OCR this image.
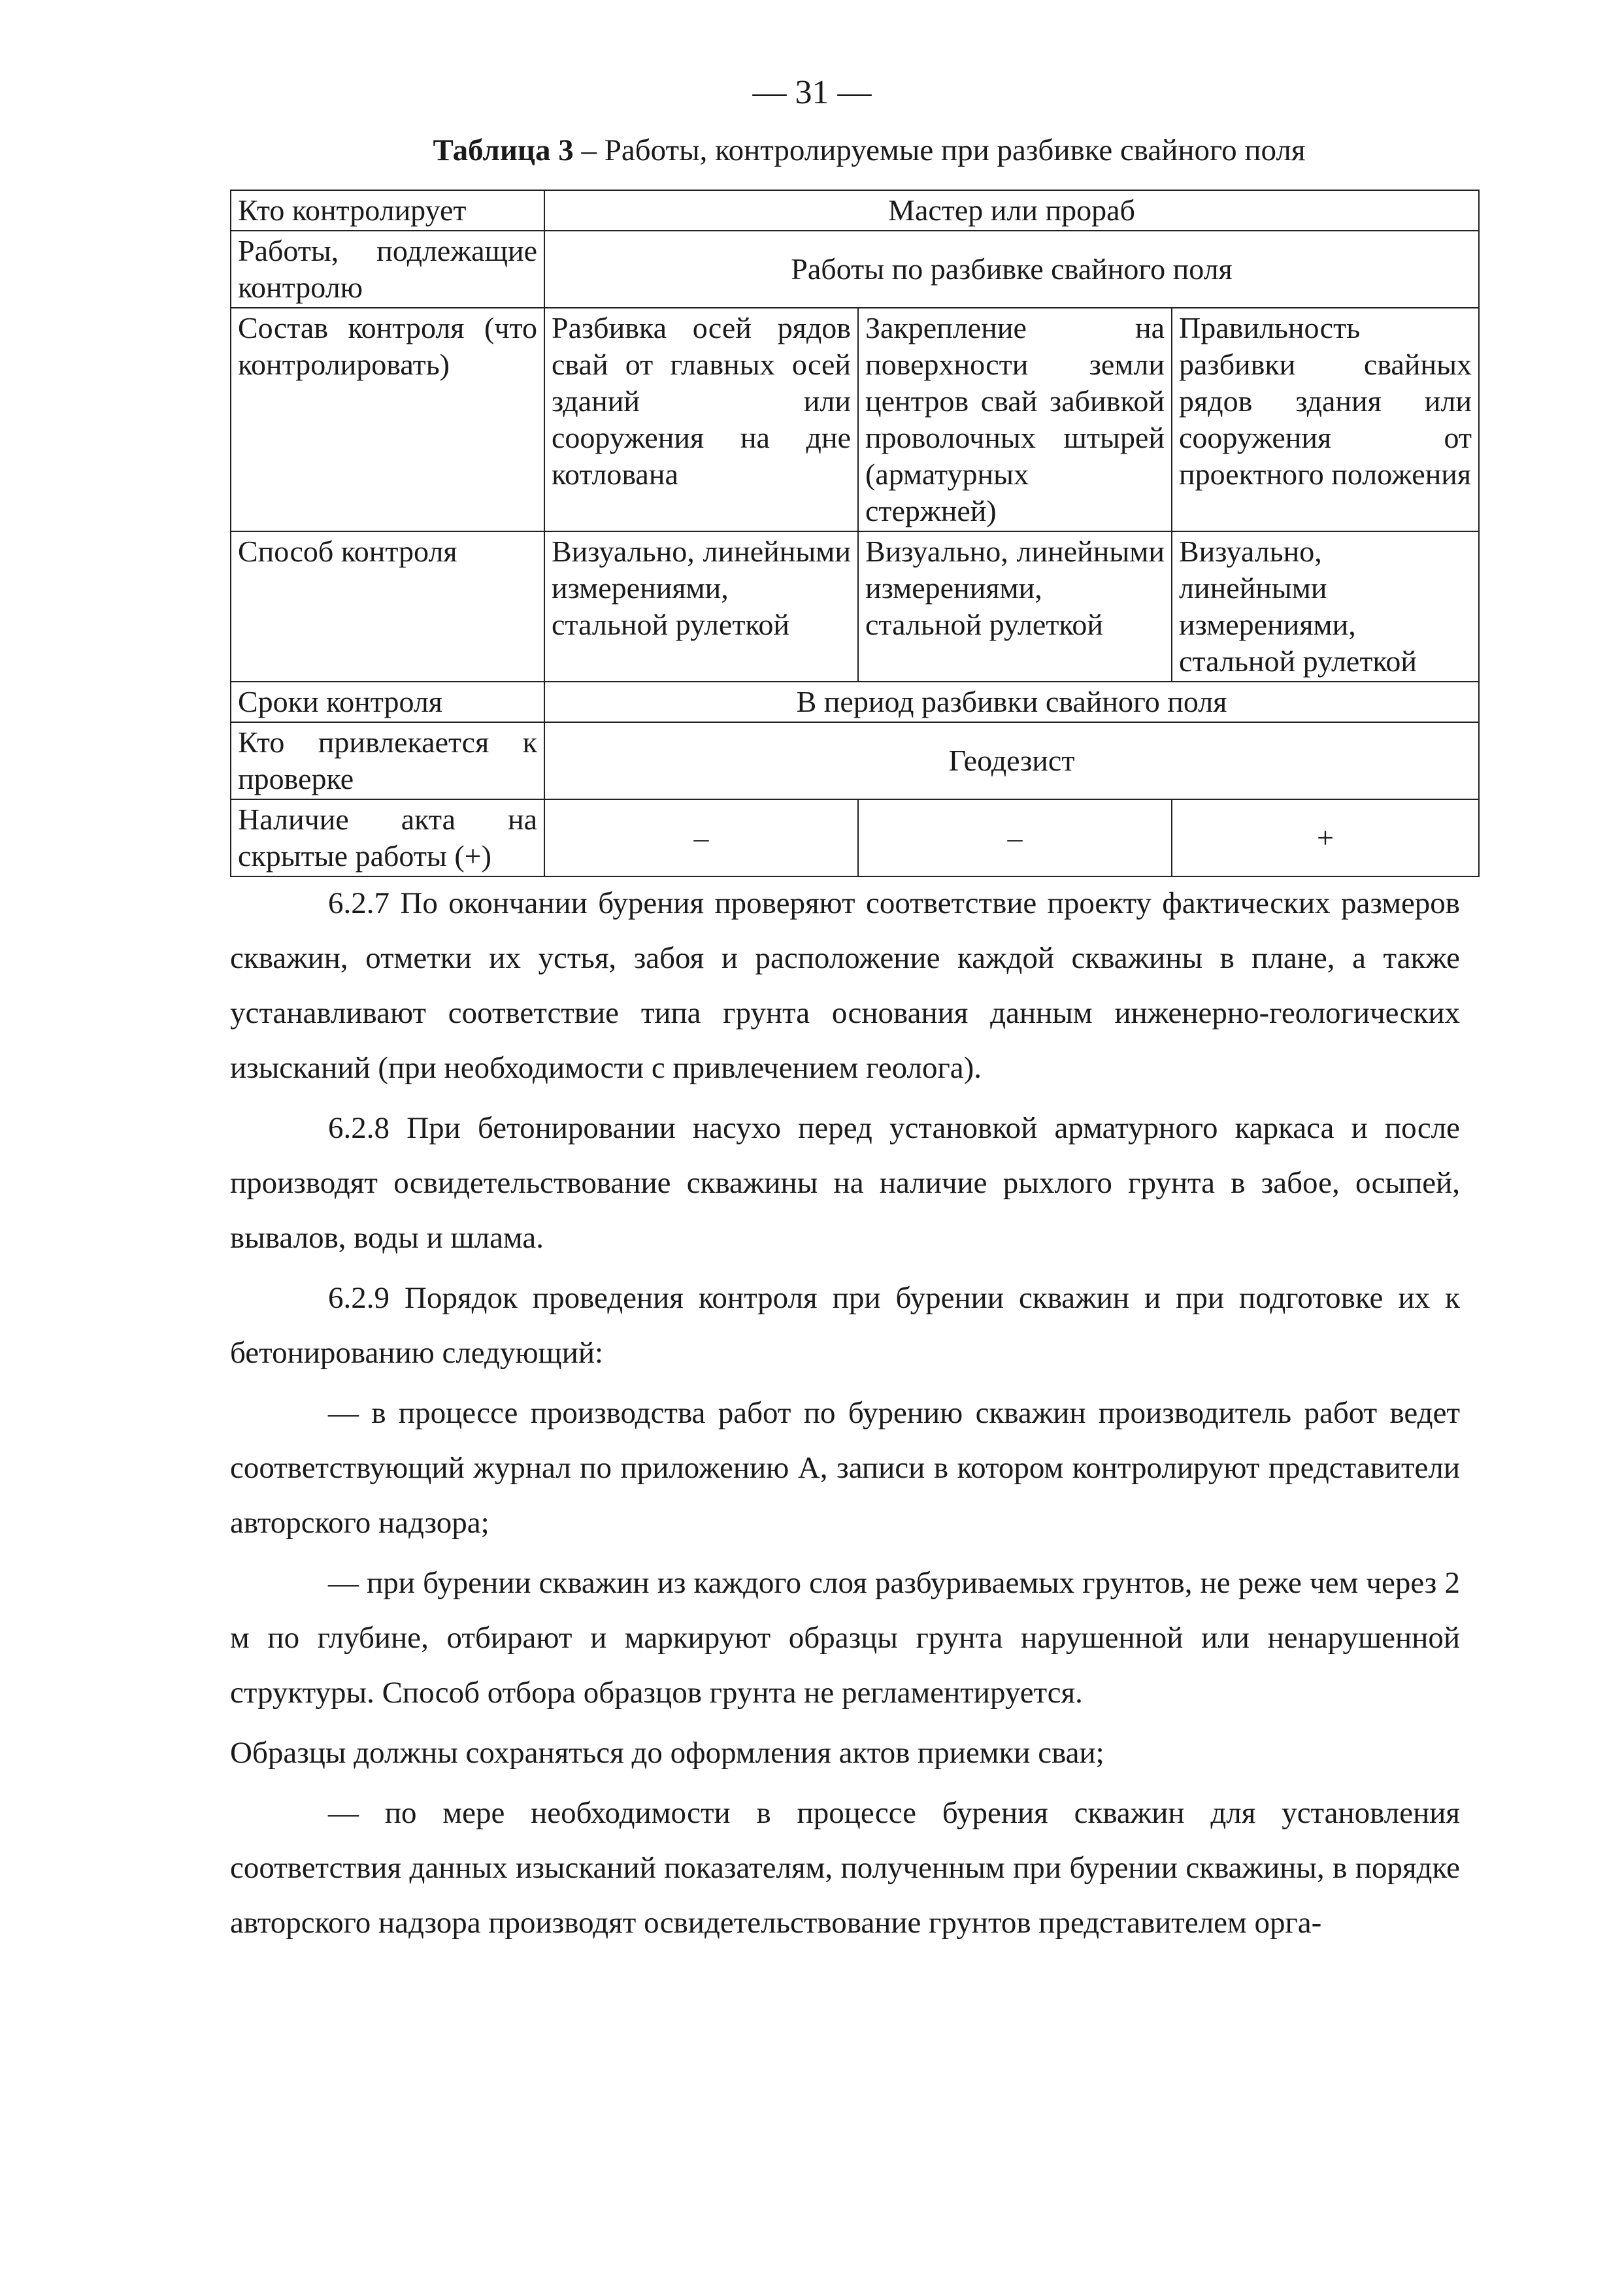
— 31 —
Таблица 3 – Работы, контролируемые при разбивке свайного поля
Кто контролирует	Мастер или прораб		
Работы, подлежащие контролю	Работы по разбивке свайного поля		
Состав контроля (что контролировать)	Разбивка осей рядов свай от главных осей зданий или сооружения на дне котлована	Закрепление на поверхности земли центров свай забивкой проволочных штырей (арматурных стержней)	Правильность разбивки свайных рядов здания или сооружения от проектного положения
Способ контроля	Визуально, линейными измерениями, стальной рулеткой	Визуально, линейными измерениями, стальной рулеткой	Визуально, линейными измерениями, стальной рулеткой
Сроки контроля	В период разбивки свайного поля		
Кто привлекается к проверке	Геодезист		
Наличие акта на скрытые работы (+)	–	–	+

6.2.7 По окончании бурения проверяют соответствие проекту фактических размеров скважин, отметки их устья, забоя и расположение каждой скважины в плане, а также устанавливают соответствие типа грунта основания данным инженерно-геологических изысканий (при необходимости с привлечением геолога).

6.2.8 При бетонировании насухо перед установкой арматурного каркаса и после производят освидетельствование скважины на наличие рыхлого грунта в забое, осыпей, вывалов, воды и шлама.

6.2.9 Порядок проведения контроля при бурении скважин и при подготовке их к бетонированию следующий:

— в процессе производства работ по бурению скважин производитель работ ведет соответствующий журнал по приложению А, записи в котором контролируют представители авторского надзора;

— при бурении скважин из каждого слоя разбуриваемых грунтов, не реже чем через 2 м по глубине, отбирают и маркируют образцы грунта нарушенной или ненарушенной структуры. Способ отбора образцов грунта не регламентируется.

Образцы должны сохраняться до оформления актов приемки сваи;

— по мере необходимости в процессе бурения скважин для установления соответствия данных изысканий показателям, полученным при бурении скважины, в порядке авторского надзора производят освидетельствование грунтов представителем орга-
